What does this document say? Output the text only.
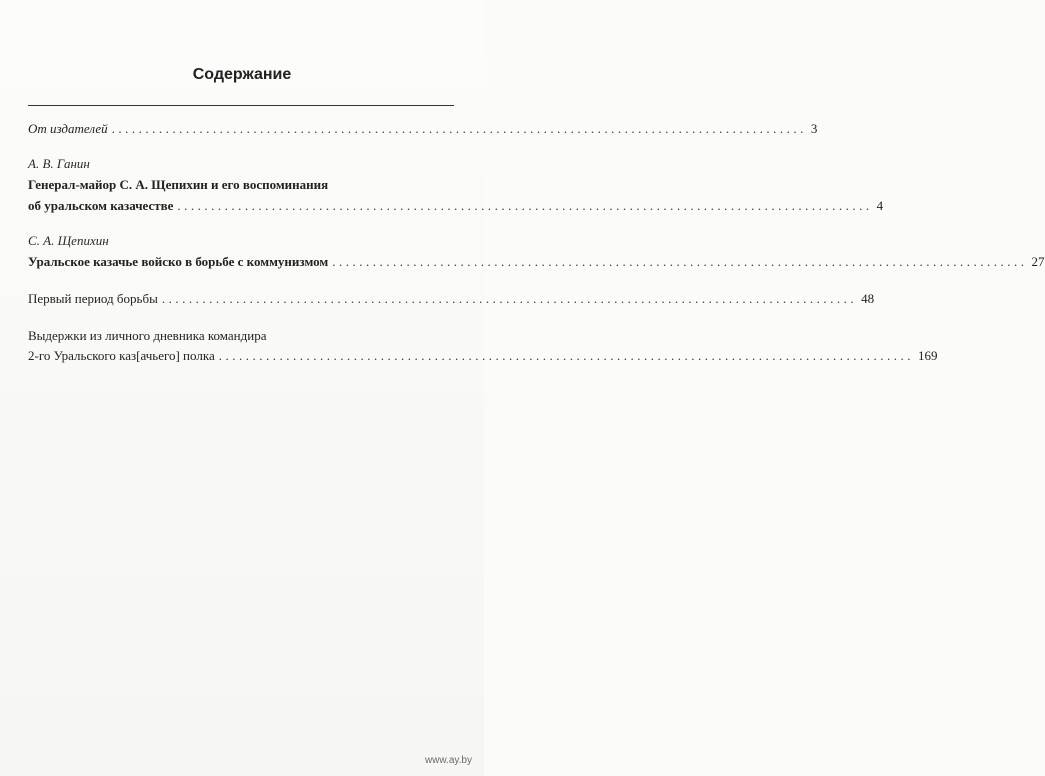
Содержание
От издателей ....................................................................................................... 3
А. В. Ганин
Генерал-майор С. А. Щепихин и его воспоминания
об уральском казачестве ....................................................................................................... 4
С. А. Щепихин
Уральское казачье войско в борьбе с коммунизмом ....................................................................................................... 27
Первый период борьбы ....................................................................................................... 48
Выдержки из личного дневника командира
2-го Уральского каз[ачьего] полка ....................................................................................................... 169
www.ay.by
